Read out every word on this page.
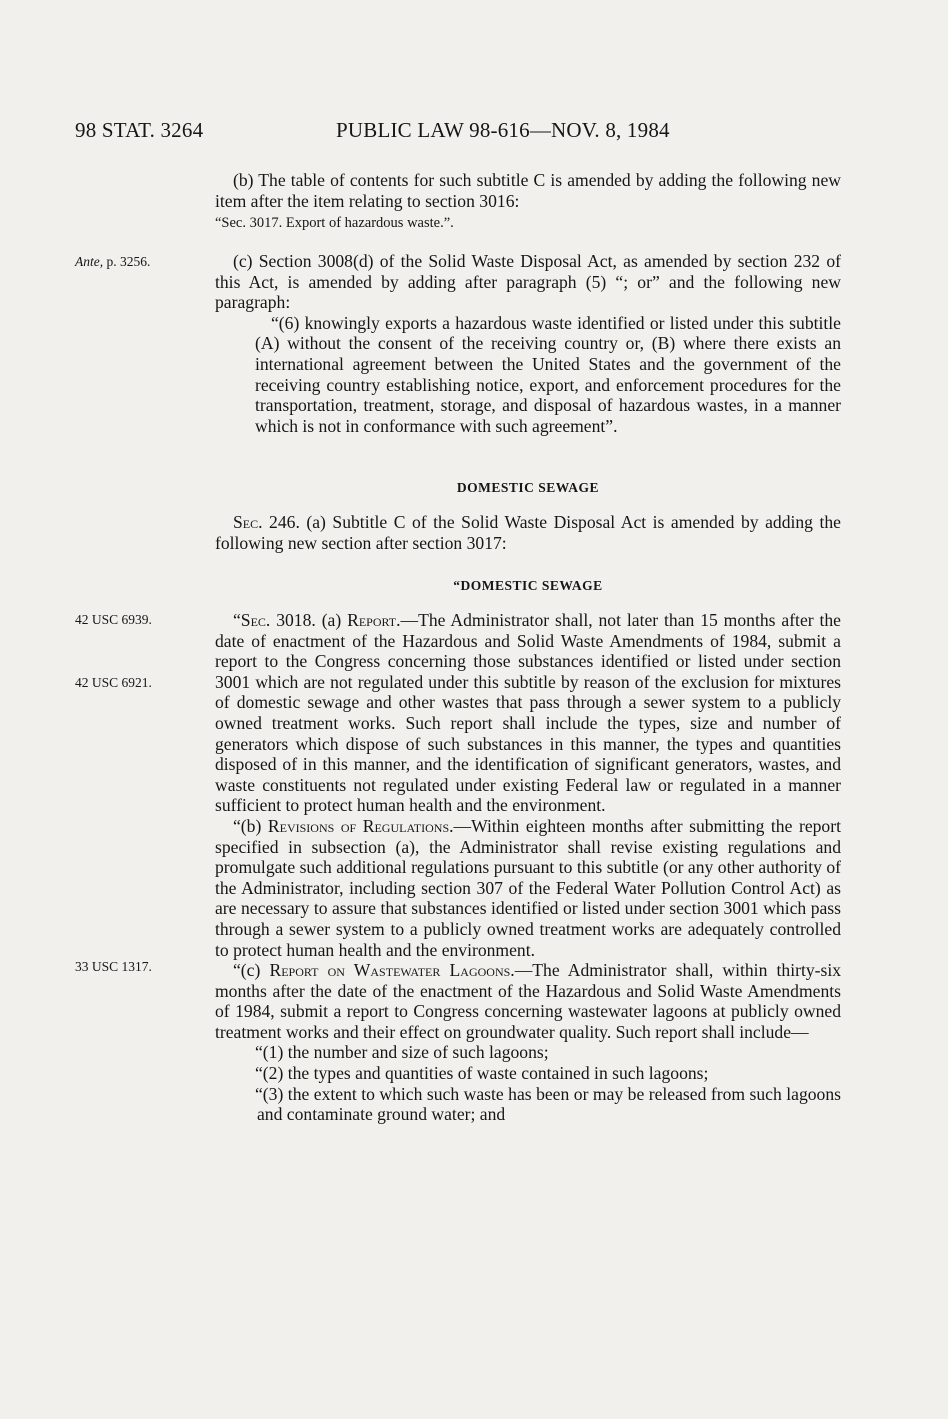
98 STAT. 3264	PUBLIC LAW 98-616—NOV. 8, 1984
Ante, p. 3256.
42 USC 6939.
42 USC 6921.
33 USC 1317.

(b) The table of contents for such subtitle C is amended by adding the following new item after the item relating to section 3016:

“Sec. 3017. Export of hazardous waste.”.

(c) Section 3008(d) of the Solid Waste Disposal Act, as amended by section 232 of this Act, is amended by adding after paragraph (5) “; or” and the following new paragraph:

“(6) knowingly exports a hazardous waste identified or listed under this subtitle (A) without the consent of the receiving country or, (B) where there exists an international agreement between the United States and the government of the receiving country establishing notice, export, and enforcement procedures for the transportation, treatment, storage, and disposal of hazardous wastes, in a manner which is not in conformance with such agreement”.

DOMESTIC SEWAGE

Sec. 246. (a) Subtitle C of the Solid Waste Disposal Act is amended by adding the following new section after section 3017:

“DOMESTIC SEWAGE

“Sec. 3018. (a) Report.—The Administrator shall, not later than 15 months after the date of enactment of the Hazardous and Solid Waste Amendments of 1984, submit a report to the Congress concerning those substances identified or listed under section 3001 which are not regulated under this subtitle by reason of the exclusion for mixtures of domestic sewage and other wastes that pass through a sewer system to a publicly owned treatment works. Such report shall include the types, size and number of generators which dispose of such substances in this manner, the types and quantities disposed of in this manner, and the identification of significant generators, wastes, and waste constituents not regulated under existing Federal law or regulated in a manner sufficient to protect human health and the environment.

“(b) Revisions of Regulations.—Within eighteen months after submitting the report specified in subsection (a), the Administrator shall revise existing regulations and promulgate such additional regulations pursuant to this subtitle (or any other authority of the Administrator, including section 307 of the Federal Water Pollution Control Act) as are necessary to assure that substances identified or listed under section 3001 which pass through a sewer system to a publicly owned treatment works are adequately controlled to protect human health and the environment.

“(c) Report on Wastewater Lagoons.—The Administrator shall, within thirty-six months after the date of the enactment of the Hazardous and Solid Waste Amendments of 1984, submit a report to Congress concerning wastewater lagoons at publicly owned treatment works and their effect on groundwater quality. Such report shall include—

“(1) the number and size of such lagoons;

“(2) the types and quantities of waste contained in such lagoons;

“(3) the extent to which such waste has been or may be released from such lagoons and contaminate ground water; and
